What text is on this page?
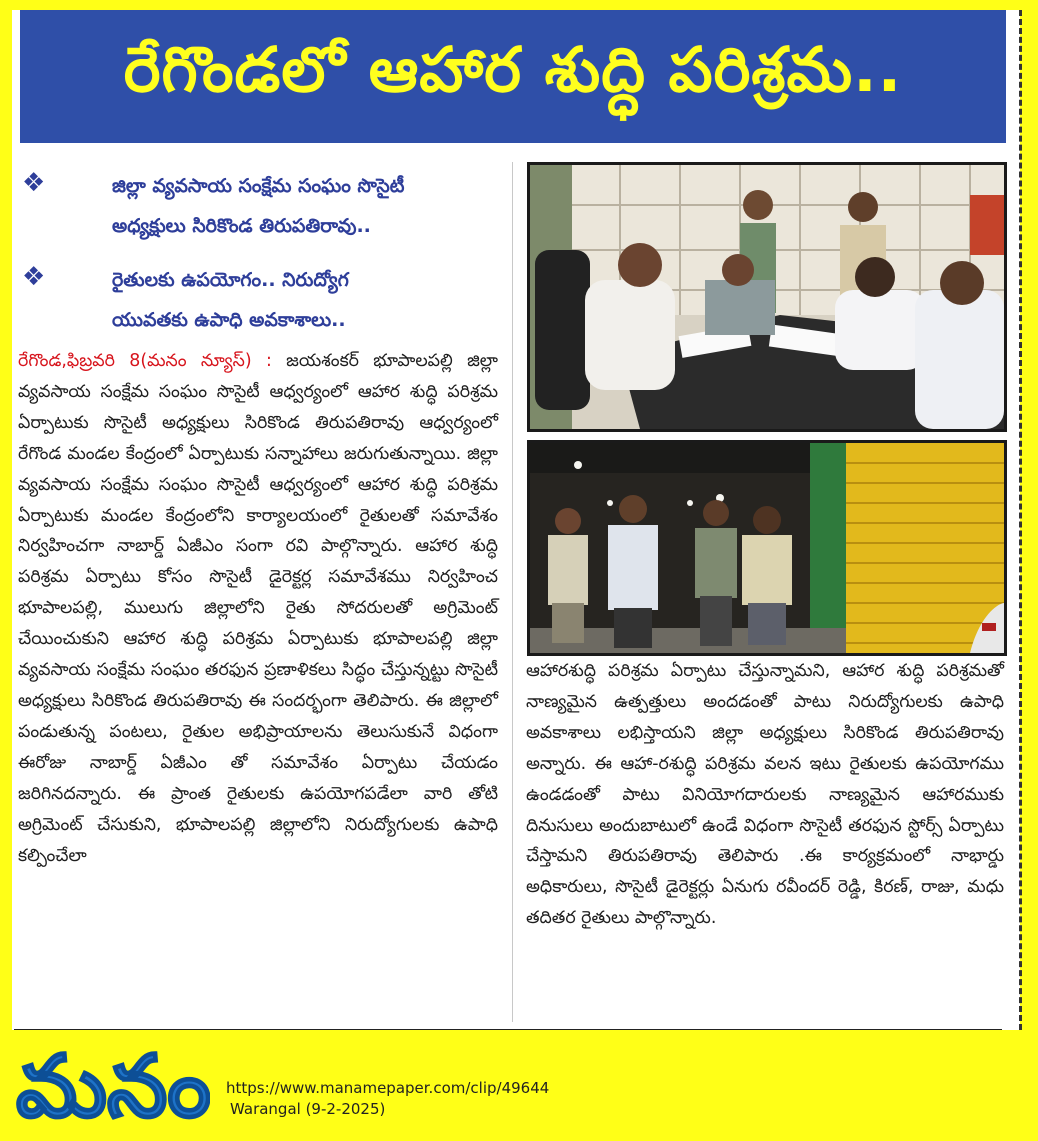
రేగొండలో ఆహార శుద్ధి పరిశ్రమ..
❖	జిల్లా వ్యవసాయ సంక్షేమ సంఘం సొసైటీ
అధ్యక్షులు సిరికొండ తిరుపతిరావు..
❖	రైతులకు ఉపయోగం.. నిరుద్యోగ
యువతకు ఉపాధి అవకాశాలు..
రేగొండ,ఫిబ్రవరి 8(మనం న్యూస్) : జయశంకర్ భూపాలపల్లి జిల్లా వ్యవసాయ సంక్షేమ సంఘం సొసైటీ ఆధ్వర్యంలో ఆహార శుద్ధి పరిశ్రమ ఏర్పాటుకు సొసైటీ అధ్యక్షులు సిరికొండ తిరుపతిరావు ఆధ్వర్యంలో రేగొండ మండల కేంద్రంలో ఏర్పాటుకు సన్నాహాలు జరుగుతున్నాయి. జిల్లా వ్యవసాయ సంక్షేమ సంఘం సొసైటీ ఆధ్వర్యంలో ఆహార శుద్ధి పరిశ్రమ ఏర్పాటుకు మండల కేంద్రంలోని కార్యాలయంలో రైతులతో సమావేశం నిర్వహించగా నాబార్డ్ ఏజీఎం సంగా రవి పాల్గొన్నారు. ఆహార శుద్ధి పరిశ్రమ ఏర్పాటు కోసం సొసైటీ డైరెక్టర్ల సమావేశము నిర్వహించ భూపాలపల్లి, ములుగు జిల్లాలోని రైతు సోదరులతో అగ్రిమెంట్ చేయించుకుని ఆహార శుద్ధి పరిశ్రమ ఏర్పాటుకు భూపాలపల్లి జిల్లా వ్యవసాయ సంక్షేమ సంఘం తరఫున ప్రణాళికలు సిద్ధం చేస్తున్నట్టు సొసైటీ అధ్యక్షులు సిరికొండ తిరుపతిరావు ఈ సందర్భంగా తెలిపారు. ఈ జిల్లాలో పండుతున్న పంటలు, రైతుల అభిప్రాయాలను తెలుసుకునే విధంగా ఈరోజు నాబార్డ్ ఏజీఎం తో సమావేశం ఏర్పాటు చేయడం జరిగినదన్నారు. ఈ ప్రాంత రైతులకు ఉపయోగపడేలా వారి తోటి అగ్రిమెంట్ చేసుకుని, భూపాలపల్లి జిల్లాలోని నిరుద్యోగులకు ఉపాధి కల్పించేలా
ఆహారశుద్ధి పరిశ్రమ ఏర్పాటు చేస్తున్నామని, ఆహార శుద్ధి పరిశ్రమతో నాణ్యమైన ఉత్పత్తులు అందడంతో పాటు నిరుద్యోగులకు ఉపాధి అవకాశాలు లభిస్తాయని జిల్లా అధ్యక్షులు సిరికొండ తిరుపతిరావు అన్నారు. ఈ ఆహా-రశుద్ధి పరిశ్రమ వలన ఇటు రైతులకు ఉపయోగము ఉండడంతో పాటు వినియోగదారులకు నాణ్యమైన ఆహారముకు దినుసులు అందుబాటులో ఉండే విధంగా సొసైటీ తరఫున స్టోర్స్ ఏర్పాటు చేస్తామని తిరుపతిరావు తెలిపారు .ఈ కార్యక్రమంలో నాభార్డు అధికారులు, సొసైటీ డైరెక్టర్లు ఏనుగు రవీందర్ రెడ్డి, కిరణ్, రాజు, మధు తదితర రైతులు పాల్గొన్నారు.
మనం https://www.manamepaper.com/clip/49644
Warangal (9-2-2025)
